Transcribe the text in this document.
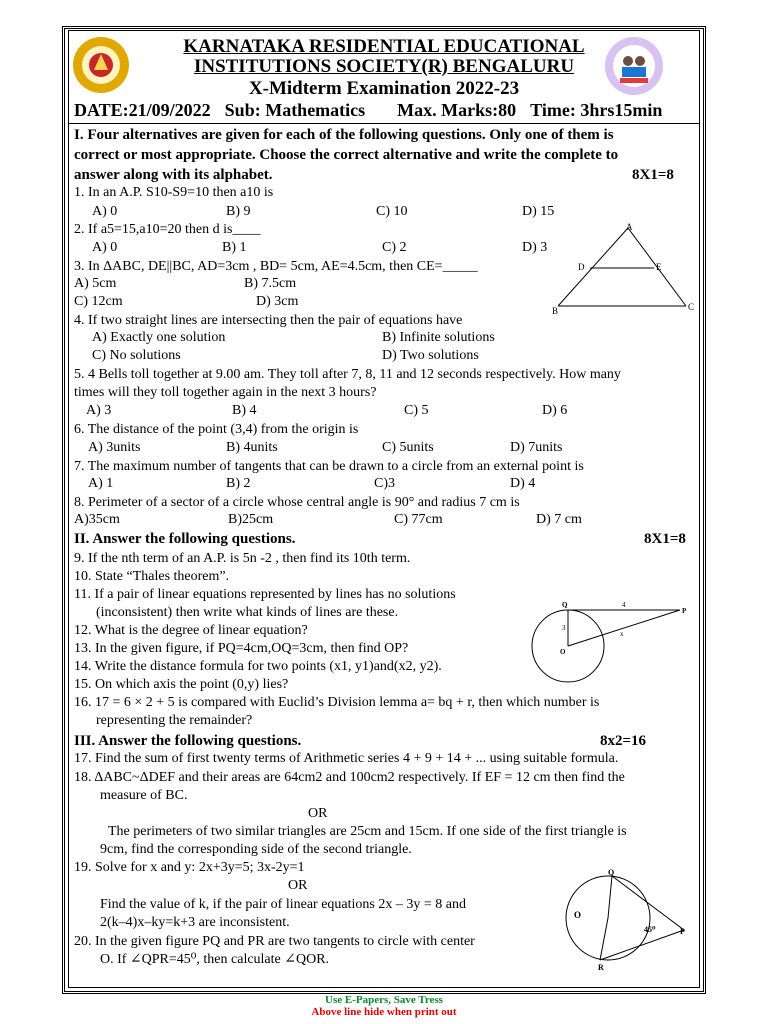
KARNATAKA RESIDENTIAL EDUCATIONAL
INSTITUTIONS SOCIETY(R) BENGALURU
X-Midterm Examination 2022-23
DATE:21/09/2022 Sub: Mathematics Max. Marks:80 Time: 3hrs15min
I. Four alternatives are given for each of the following questions. Only one of them is
correct or most appropriate. Choose the correct alternative and write the complete to
answer along with its alphabet.	8X1=8
1. In an A.P. S10-S9=10 then a10 is
A) 0	B) 9	C) 10	D) 15
2. If a5=15,a10=20 then d is____
A) 0	B) 1	C) 2	D) 3
3. In ΔABC, DE||BC, AD=3cm , BD= 5cm, AE=4.5cm, then CE=_____
A) 5cm	B) 7.5cm
C) 12cm	D) 3cm
A
D	E
B	C
4. If two straight lines are intersecting then the pair of equations have
A) Exactly one solution	B) Infinite solutions
C) No solutions	D) Two solutions
5. 4 Bells toll together at 9.00 am. They toll after 7, 8, 11 and 12 seconds respectively. How many
times will they toll together again in the next 3 hours?
A) 3	B) 4	C) 5	D) 6
6. The distance of the point (3,4) from the origin is
A) 3units	B) 4units	C) 5units	D) 7units
7. The maximum number of tangents that can be drawn to a circle from an external point is
A) 1	B) 2	C)3	D) 4
8. Perimeter of a sector of a circle whose central angle is 90° and radius 7 cm is
A)35cm	B)25cm	C) 77cm	D) 7 cm
II. Answer the following questions.	8X1=8
9. If the nth term of an A.P. is 5n -2 , then find its 10th term.
10. State “Thales theorem”.
11. If a pair of linear equations represented by lines has no solutions
(inconsistent) then write what kinds of lines are these.
12. What is the degree of linear equation?
13. In the given figure, if PQ=4cm,OQ=3cm, then find OP?
14. Write the distance formula for two points (x1, y1)and(x2, y2).
15. On which axis the point (0,y) lies?
16. 17 = 6 × 2 + 5 is compared with Euclid’s Division lemma a= bq + r, then which number is
representing the remainder?
Q	4
P
3
O
x
III. Answer the following questions.	8x2=16
17. Find the sum of first twenty terms of Arithmetic series 4 + 9 + 14 + ... using suitable formula.
18. ΔABC~ΔDEF and their areas are 64cm2 and 100cm2 respectively. If EF = 12 cm then find the
measure of BC.
OR
The perimeters of two similar triangles are 25cm and 15cm. If one side of the first triangle is
9cm, find the corresponding side of the second triangle.
19. Solve for x and y: 2x+3y=5; 3x-2y=1
OR
Find the value of k, if the pair of linear equations 2x – 3y = 8 and
2(k–4)x–ky=k+3 are inconsistent.
20. In the given figure PQ and PR are two tangents to circle with center
O. If ∠QPR=45⁰, then calculate ∠QOR.
Q
O
45⁰	P
R
Use E-Papers, Save Tress
Above line hide when print out
